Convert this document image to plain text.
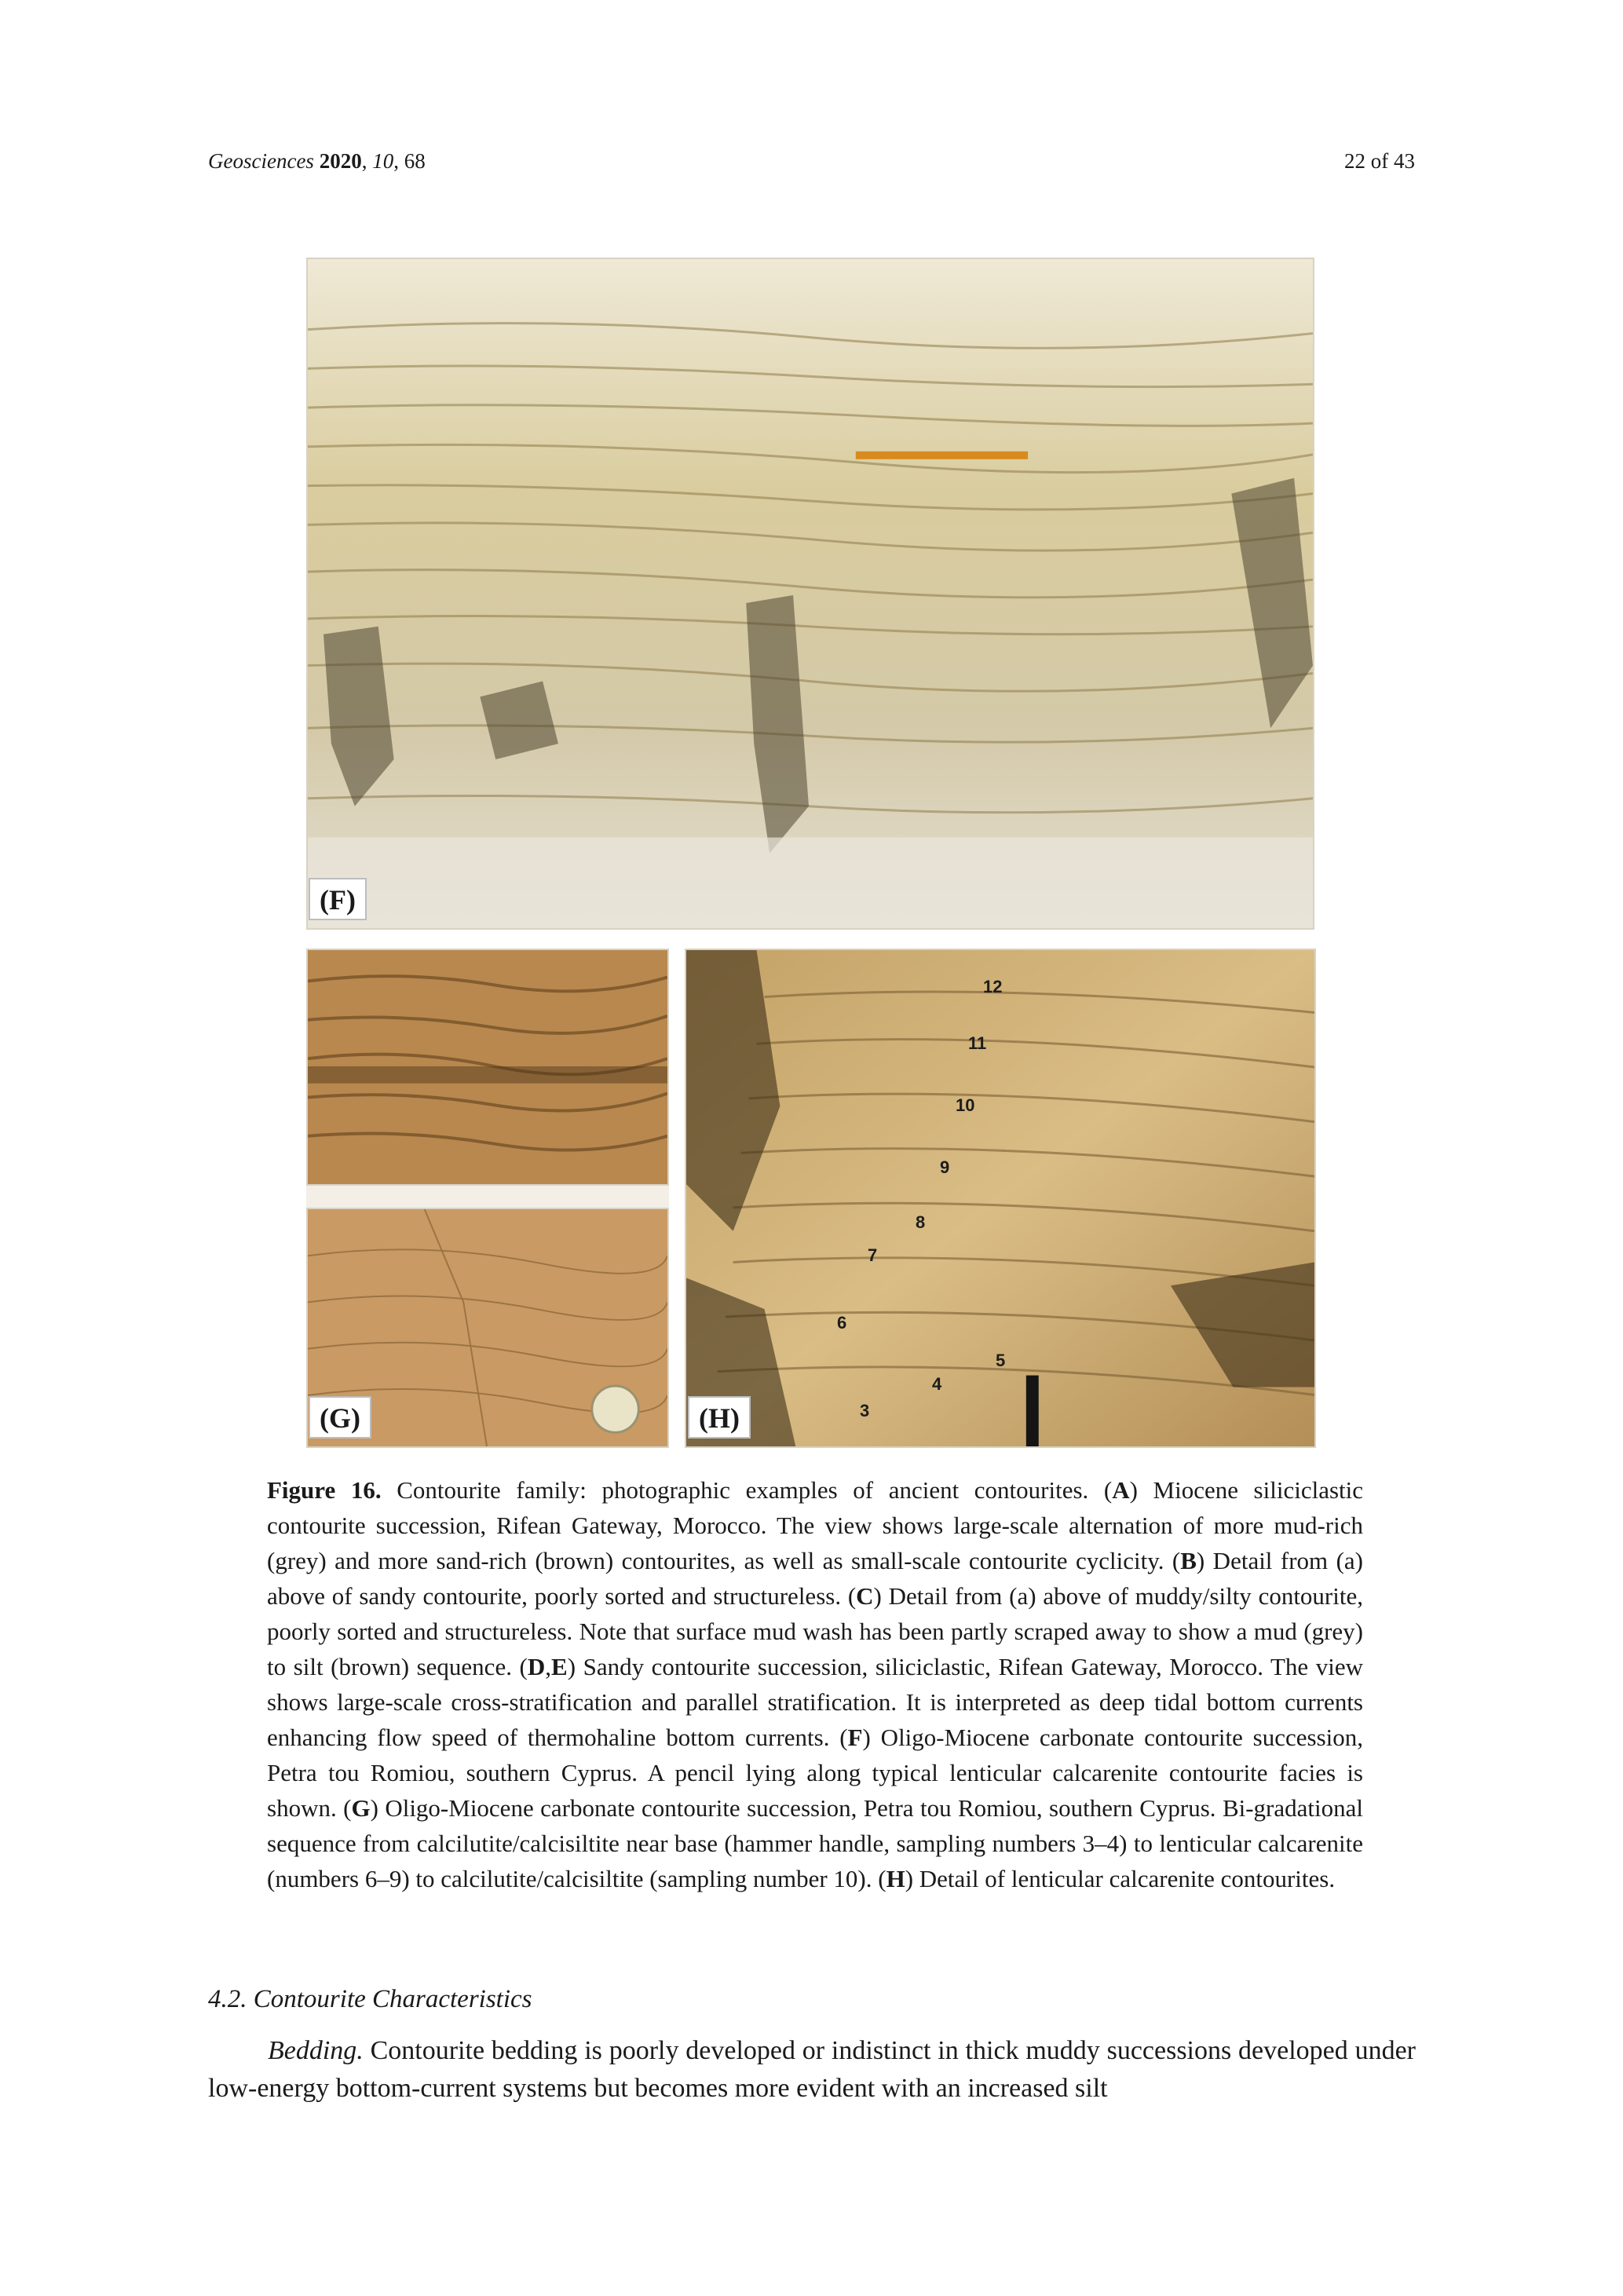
Geosciences 2020, 10, 68	22 of 43
(F)
(G)	(H)
12
11
10
9
8
7
6
5
4
3
Figure 16. Contourite family: photographic examples of ancient contourites. (A) Miocene siliciclastic contourite succession, Rifean Gateway, Morocco. The view shows large-scale alternation of more mud-rich (grey) and more sand-rich (brown) contourites, as well as small-scale contourite cyclicity. (B) Detail from (a) above of sandy contourite, poorly sorted and structureless. (C) Detail from (a) above of muddy/silty contourite, poorly sorted and structureless. Note that surface mud wash has been partly scraped away to show a mud (grey) to silt (brown) sequence. (D,E) Sandy contourite succession, siliciclastic, Rifean Gateway, Morocco. The view shows large-scale cross-stratification and parallel stratification. It is interpreted as deep tidal bottom currents enhancing flow speed of thermohaline bottom currents. (F) Oligo-Miocene carbonate contourite succession, Petra tou Romiou, southern Cyprus. A pencil lying along typical lenticular calcarenite contourite facies is shown. (G) Oligo-Miocene carbonate contourite succession, Petra tou Romiou, southern Cyprus. Bi-gradational sequence from calcilutite/calcisiltite near base (hammer handle, sampling numbers 3–4) to lenticular calcarenite (numbers 6–9) to calcilutite/calcisiltite (sampling number 10). (H) Detail of lenticular calcarenite contourites.
4.2. Contourite Characteristics
Bedding. Contourite bedding is poorly developed or indistinct in thick muddy successions developed under low-energy bottom-current systems but becomes more evident with an increased silt
